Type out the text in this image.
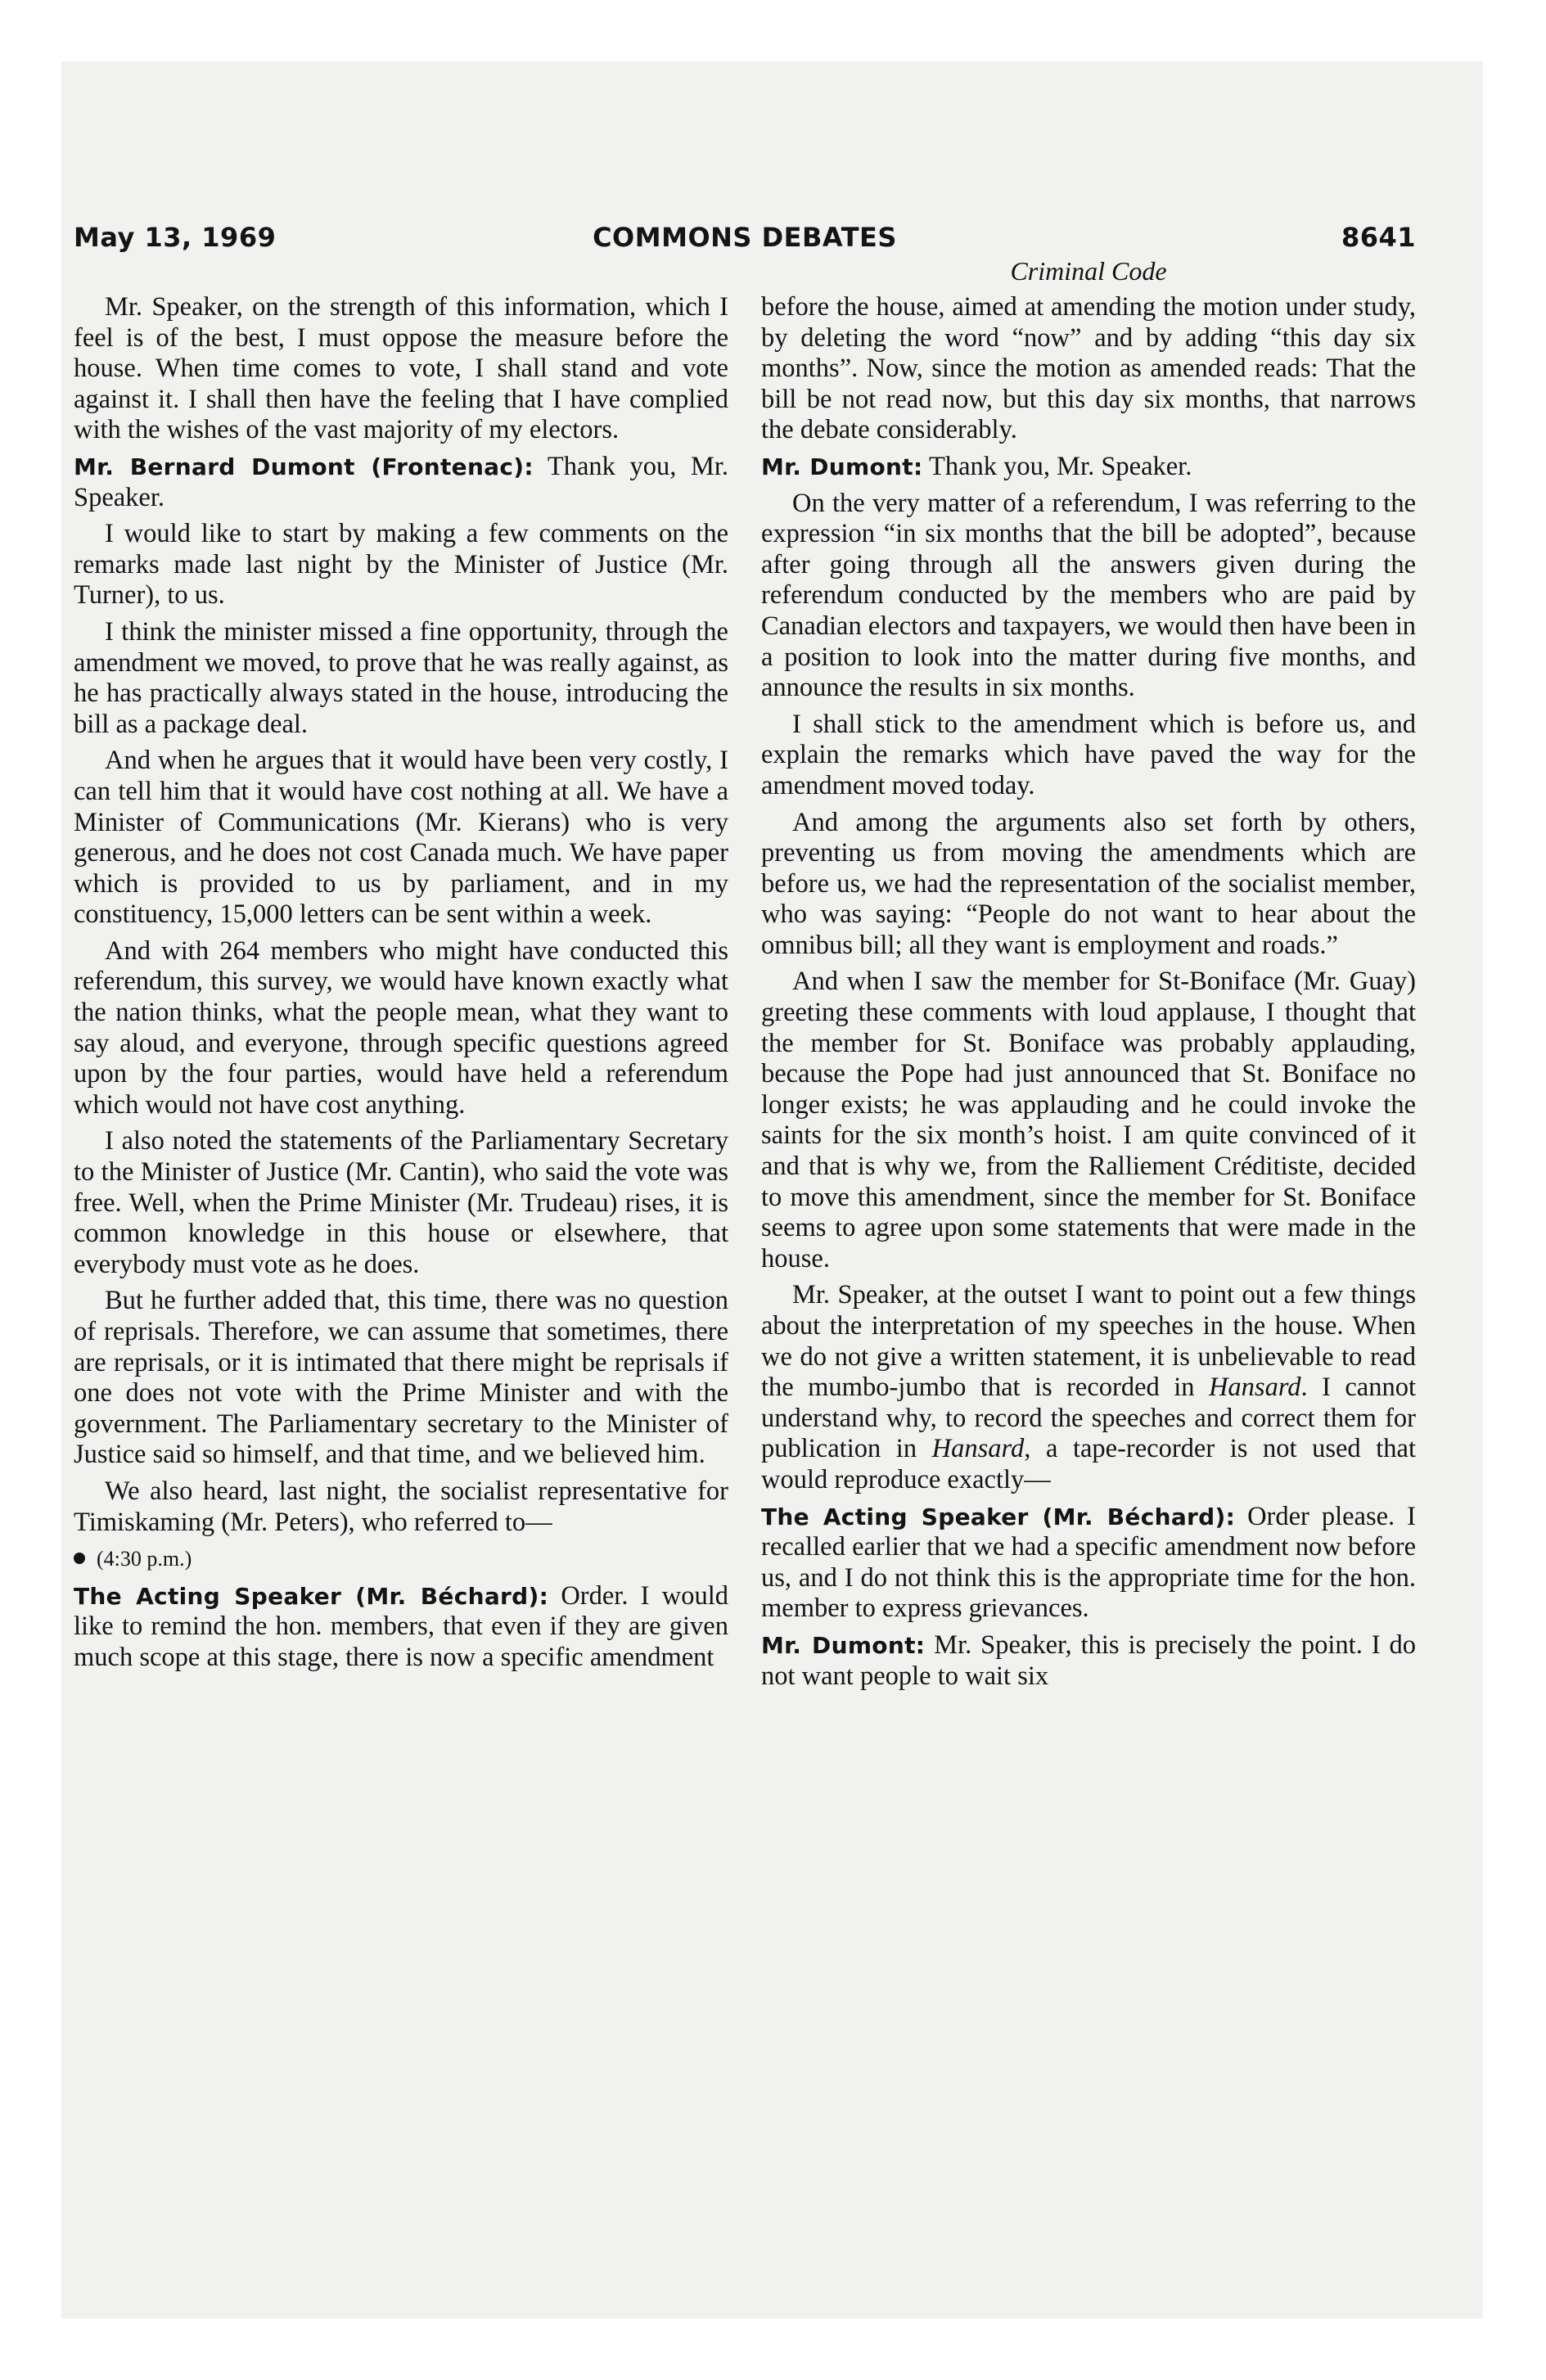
May 13, 1969	COMMONS DEBATES	8641
Criminal Code

Mr. Speaker, on the strength of this information, which I feel is of the best, I must oppose the measure before the house. When time comes to vote, I shall stand and vote against it. I shall then have the feeling that I have complied with the wishes of the vast majority of my electors.

Mr. Bernard Dumont (Frontenac): Thank you, Mr. Speaker.

I would like to start by making a few comments on the remarks made last night by the Minister of Justice (Mr. Turner), to us.

I think the minister missed a fine opportunity, through the amendment we moved, to prove that he was really against, as he has practically always stated in the house, introducing the bill as a package deal.

And when he argues that it would have been very costly, I can tell him that it would have cost nothing at all. We have a Minister of Communications (Mr. Kierans) who is very generous, and he does not cost Canada much. We have paper which is provided to us by parliament, and in my constituency, 15,000 letters can be sent within a week.

And with 264 members who might have conducted this referendum, this survey, we would have known exactly what the nation thinks, what the people mean, what they want to say aloud, and everyone, through specific questions agreed upon by the four parties, would have held a referendum which would not have cost anything.

I also noted the statements of the Parliamentary Secretary to the Minister of Justice (Mr. Cantin), who said the vote was free. Well, when the Prime Minister (Mr. Trudeau) rises, it is common knowledge in this house or elsewhere, that everybody must vote as he does.

But he further added that, this time, there was no question of reprisals. Therefore, we can assume that sometimes, there are reprisals, or it is intimated that there might be reprisals if one does not vote with the Prime Minister and with the government. The Parliamentary secretary to the Minister of Justice said so himself, and that time, and we believed him.

We also heard, last night, the socialist representative for Timiskaming (Mr. Peters), who referred to—

(4:30 p.m.)

The Acting Speaker (Mr. Béchard): Order. I would like to remind the hon. members, that even if they are given much scope at this stage, there is now a specific amendment

before the house, aimed at amending the motion under study, by deleting the word “now” and by adding “this day six months”. Now, since the motion as amended reads: That the bill be not read now, but this day six months, that narrows the debate considerably.

Mr. Dumont: Thank you, Mr. Speaker.

On the very matter of a referendum, I was referring to the expression “in six months that the bill be adopted”, because after going through all the answers given during the referendum conducted by the members who are paid by Canadian electors and taxpayers, we would then have been in a position to look into the matter during five months, and announce the results in six months.

I shall stick to the amendment which is before us, and explain the remarks which have paved the way for the amendment moved today.

And among the arguments also set forth by others, preventing us from moving the amendments which are before us, we had the representation of the socialist member, who was saying: “People do not want to hear about the omnibus bill; all they want is employment and roads.”

And when I saw the member for St-Boniface (Mr. Guay) greeting these comments with loud applause, I thought that the member for St. Boniface was probably applauding, because the Pope had just announced that St. Boniface no longer exists; he was applauding and he could invoke the saints for the six month’s hoist. I am quite convinced of it and that is why we, from the Ralliement Créditiste, decided to move this amendment, since the member for St. Boniface seems to agree upon some statements that were made in the house.

Mr. Speaker, at the outset I want to point out a few things about the interpretation of my speeches in the house. When we do not give a written statement, it is unbelievable to read the mumbo-jumbo that is recorded in Hansard. I cannot understand why, to record the speeches and correct them for publication in Hansard, a tape-recorder is not used that would reproduce exactly—

The Acting Speaker (Mr. Béchard): Order please. I recalled earlier that we had a specific amendment now before us, and I do not think this is the appropriate time for the hon. member to express grievances.

Mr. Dumont: Mr. Speaker, this is precisely the point. I do not want people to wait six
